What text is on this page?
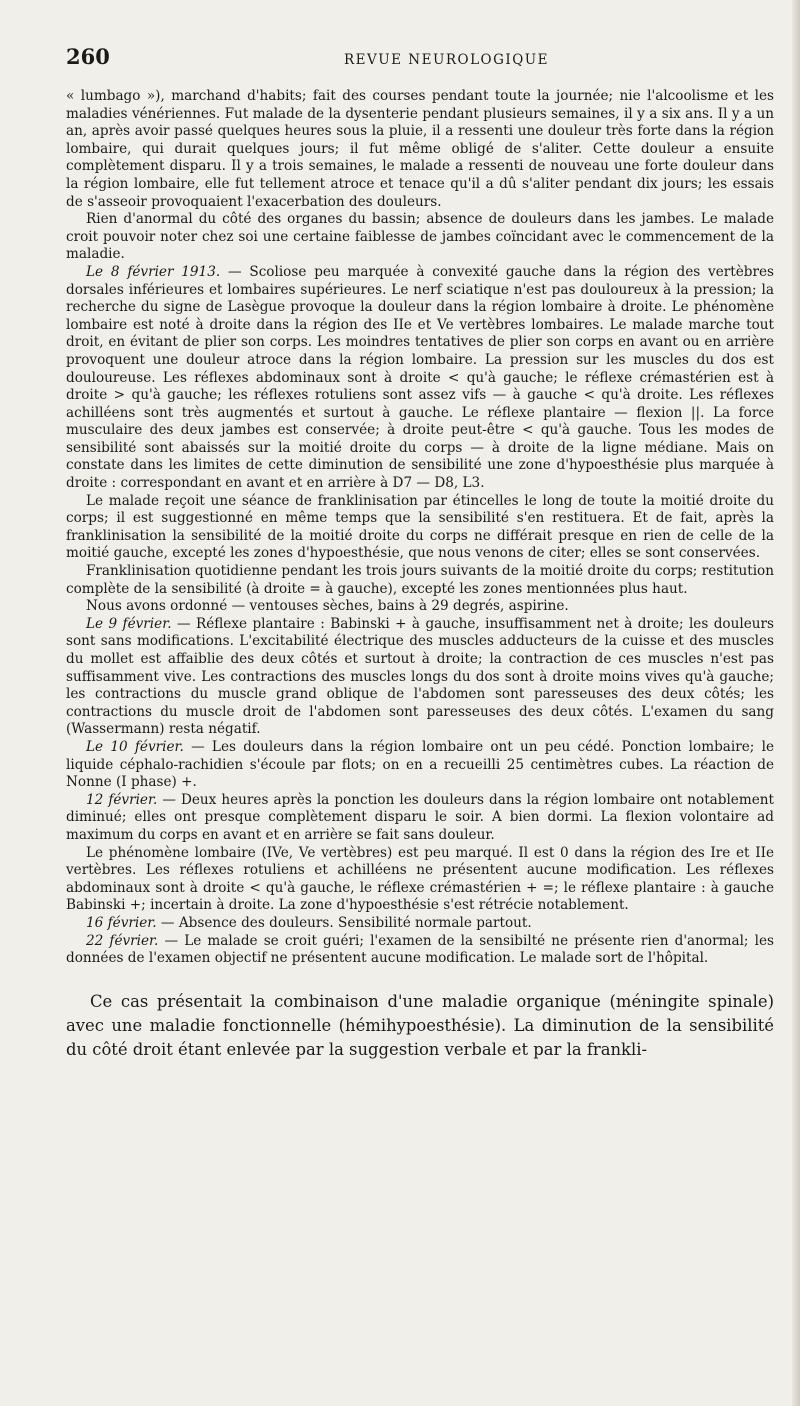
260	REVUE NEUROLOGIQUE

« lumbago »), marchand d'habits; fait des courses pendant toute la journée; nie l'alcoolisme et les maladies vénériennes. Fut malade de la dysenterie pendant plusieurs semaines, il y a six ans. Il y a un an, après avoir passé quelques heures sous la pluie, il a ressenti une douleur très forte dans la région lombaire, qui durait quelques jours; il fut même obligé de s'aliter. Cette douleur a ensuite complètement disparu. Il y a trois semaines, le malade a ressenti de nouveau une forte douleur dans la région lombaire, elle fut tellement atroce et tenace qu'il a dû s'aliter pendant dix jours; les essais de s'asseoir provoquaient l'exacerbation des douleurs.

Rien d'anormal du côté des organes du bassin; absence de douleurs dans les jambes. Le malade croit pouvoir noter chez soi une certaine faiblesse de jambes coïncidant avec le commencement de la maladie.

Le 8 février 1913. — Scoliose peu marquée à convexité gauche dans la région des vertèbres dorsales inférieures et lombaires supérieures. Le nerf sciatique n'est pas douloureux à la pression; la recherche du signe de Lasègue provoque la douleur dans la région lombaire à droite. Le phénomène lombaire est noté à droite dans la région des IIe et Ve vertèbres lombaires. Le malade marche tout droit, en évitant de plier son corps. Les moindres tentatives de plier son corps en avant ou en arrière provoquent une douleur atroce dans la région lombaire. La pression sur les muscles du dos est douloureuse. Les réflexes abdominaux sont à droite < qu'à gauche; le réflexe crémastérien est à droite > qu'à gauche; les réflexes rotuliens sont assez vifs — à gauche < qu'à droite. Les réflexes achilléens sont très augmentés et surtout à gauche. Le réflexe plantaire — flexion ||. La force musculaire des deux jambes est conservée; à droite peut-être < qu'à gauche. Tous les modes de sensibilité sont abaissés sur la moitié droite du corps — à droite de la ligne médiane. Mais on constate dans les limites de cette diminution de sensibilité une zone d'hypoesthésie plus marquée à droite : correspondant en avant et en arrière à D7 — D8, L3.

Le malade reçoit une séance de franklinisation par étincelles le long de toute la moitié droite du corps; il est suggestionné en même temps que la sensibilité s'en restituera. Et de fait, après la franklinisation la sensibilité de la moitié droite du corps ne différait presque en rien de celle de la moitié gauche, excepté les zones d'hypoesthésie, que nous venons de citer; elles se sont conservées.

Franklinisation quotidienne pendant les trois jours suivants de la moitié droite du corps; restitution complète de la sensibilité (à droite = à gauche), excepté les zones mentionnées plus haut.

Nous avons ordonné — ventouses sèches, bains à 29 degrés, aspirine.

Le 9 février. — Réflexe plantaire : Babinski + à gauche, insuffisamment net à droite; les douleurs sont sans modifications. L'excitabilité électrique des muscles adducteurs de la cuisse et des muscles du mollet est affaiblie des deux côtés et surtout à droite; la contraction de ces muscles n'est pas suffisamment vive. Les contractions des muscles longs du dos sont à droite moins vives qu'à gauche; les contractions du muscle grand oblique de l'abdomen sont paresseuses des deux côtés; les contractions du muscle droit de l'abdomen sont paresseuses des deux côtés. L'examen du sang (Wassermann) resta négatif.

Le 10 février. — Les douleurs dans la région lombaire ont un peu cédé. Ponction lombaire; le liquide céphalo-rachidien s'écoule par flots; on en a recueilli 25 centimètres cubes. La réaction de Nonne (I phase) +.

12 février. — Deux heures après la ponction les douleurs dans la région lombaire ont notablement diminué; elles ont presque complètement disparu le soir. A bien dormi. La flexion volontaire ad maximum du corps en avant et en arrière se fait sans douleur.

Le phénomène lombaire (IVe, Ve vertèbres) est peu marqué. Il est 0 dans la région des Ire et IIe vertèbres. Les réflexes rotuliens et achilléens ne présentent aucune modification. Les réflexes abdominaux sont à droite < qu'à gauche, le réflexe crémastérien + =; le réflexe plantaire : à gauche Babinski +; incertain à droite. La zone d'hypoesthésie s'est rétrécie notablement.

16 février. — Absence des douleurs. Sensibilité normale partout.

22 février. — Le malade se croit guéri; l'examen de la sensibilté ne présente rien d'anormal; les données de l'examen objectif ne présentent aucune modification. Le malade sort de l'hôpital.

Ce cas présentait la combinaison d'une maladie organique (méningite spinale) avec une maladie fonctionnelle (hémihypoesthésie). La diminution de la sensibilité du côté droit étant enlevée par la suggestion verbale et par la frankli-
